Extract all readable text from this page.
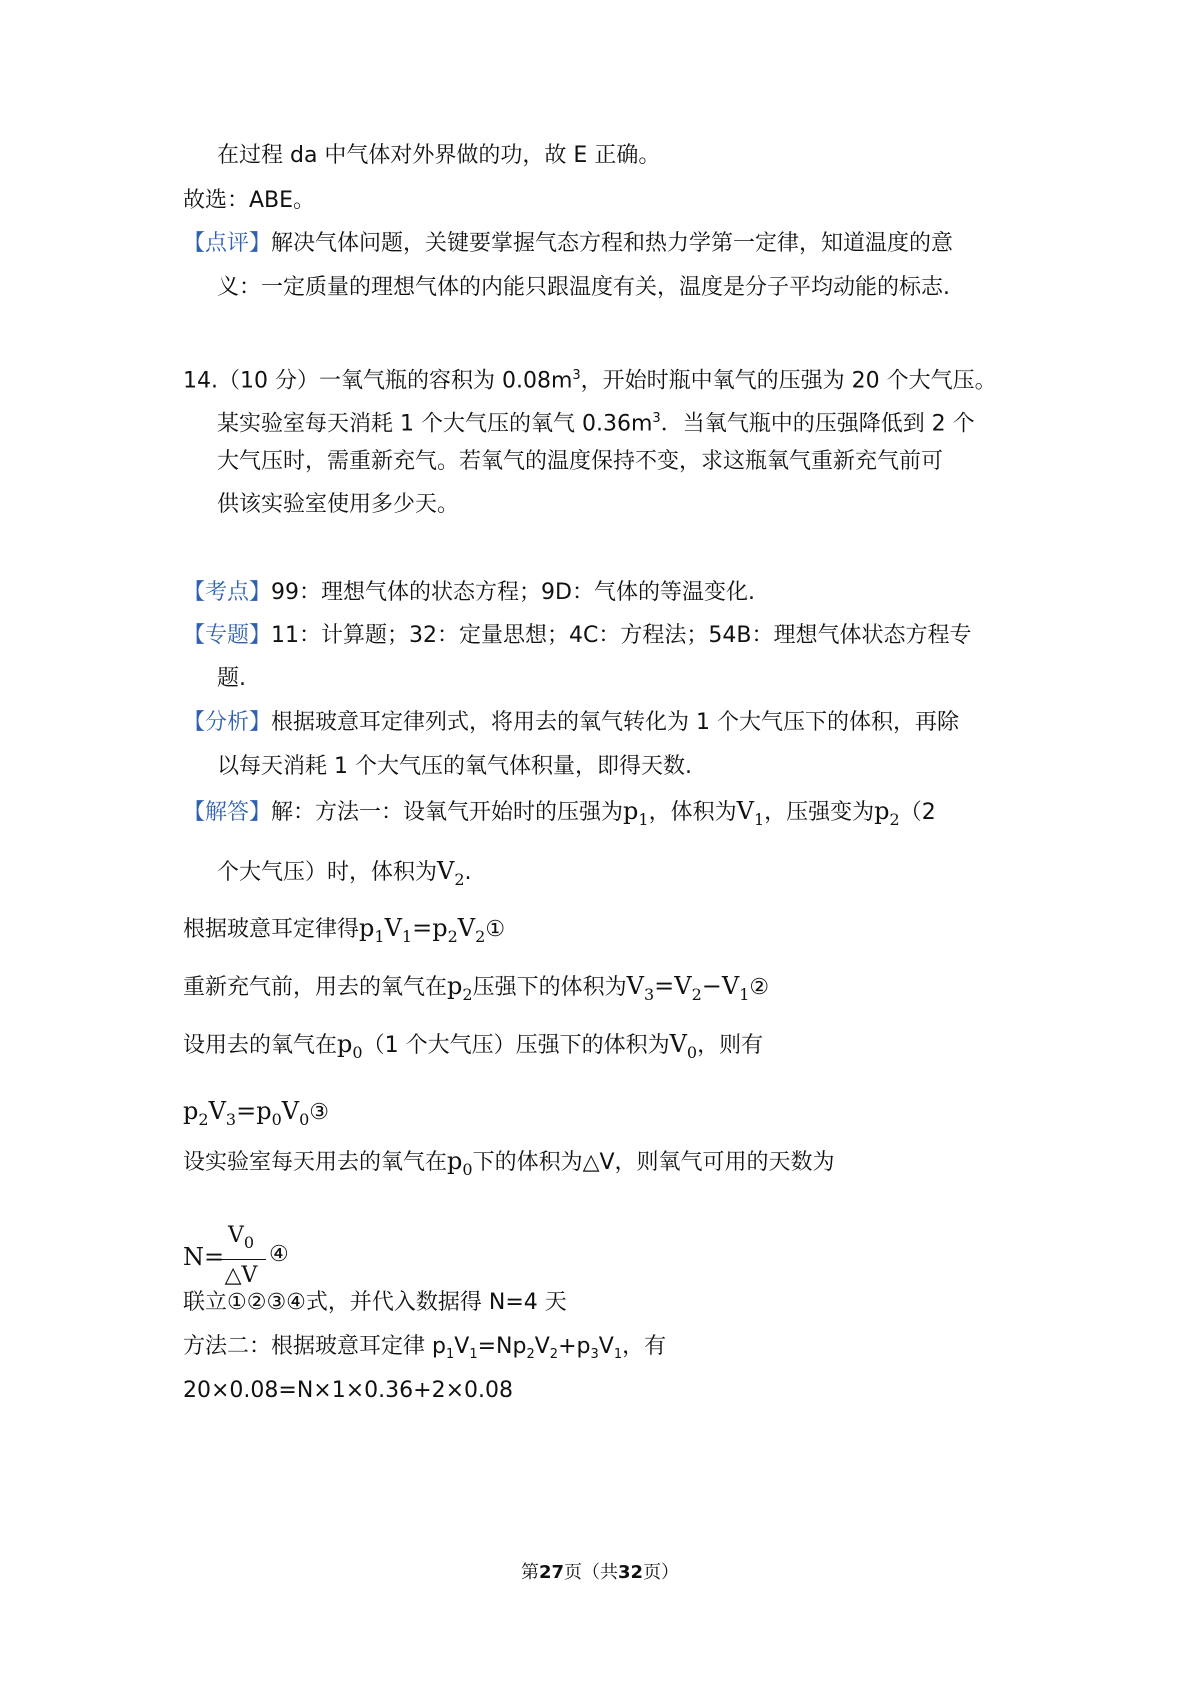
在过程 da 中气体对外界做的功，故 E 正确。
故选：ABE。
【点评】解决气体问题，关键要掌握气态方程和热力学第一定律，知道温度的意
义：一定质量的理想气体的内能只跟温度有关，温度是分子平均动能的标志.
14.（10 分）一氧气瓶的容积为 $0.08m^3$，开始时瓶中氧气的压强为 20 个大气压。
某实验室每天消耗 1 个大气压的氧气 $0.36m^3$．当氧气瓶中的压强降低到 2 个
大气压时，需重新充气。若氧气的温度保持不变，求这瓶氧气重新充气前可
供该实验室使用多少天。
【考点】99：理想气体的状态方程；9D：气体的等温变化.
【专题】11：计算题；32：定量思想；4C：方程法；54B：理想气体状态方程专
题.
【分析】根据玻意耳定律列式，将用去的氧气转化为 1 个大气压下的体积，再除
以每天消耗 1 个大气压的氧气体积量，即得天数.
【解答】解：方法一：设氧气开始时的压强为$p_1$，体积为$V_1$，压强变为$p_2(2$
个大气压）时，体积为$V_2$.
根据玻意耳定律得$p_1V_1=p_2V_2①$
重新充气前，用去的氧气在$p_2$压强下的体积为$V_3=V_2-V_1②$
设用去的氧气在$p_0(1$ 个大气压）压强下的体积为$V_0$，则有
$p_2V_3=p_0V_0③$
设实验室每天用去的氧气在$p_0$下的体积为△V，则氧气可用的天数为
N=
$V_0$
△V
④
联立①②③④式，并代入数据得 N=4 天
方法二：根据玻意耳定律 $p_1V_1=Np_2V_2+p_3V_1$，有
20×0.08=N×1×0.36+2×0.08
第27页（共32页）
